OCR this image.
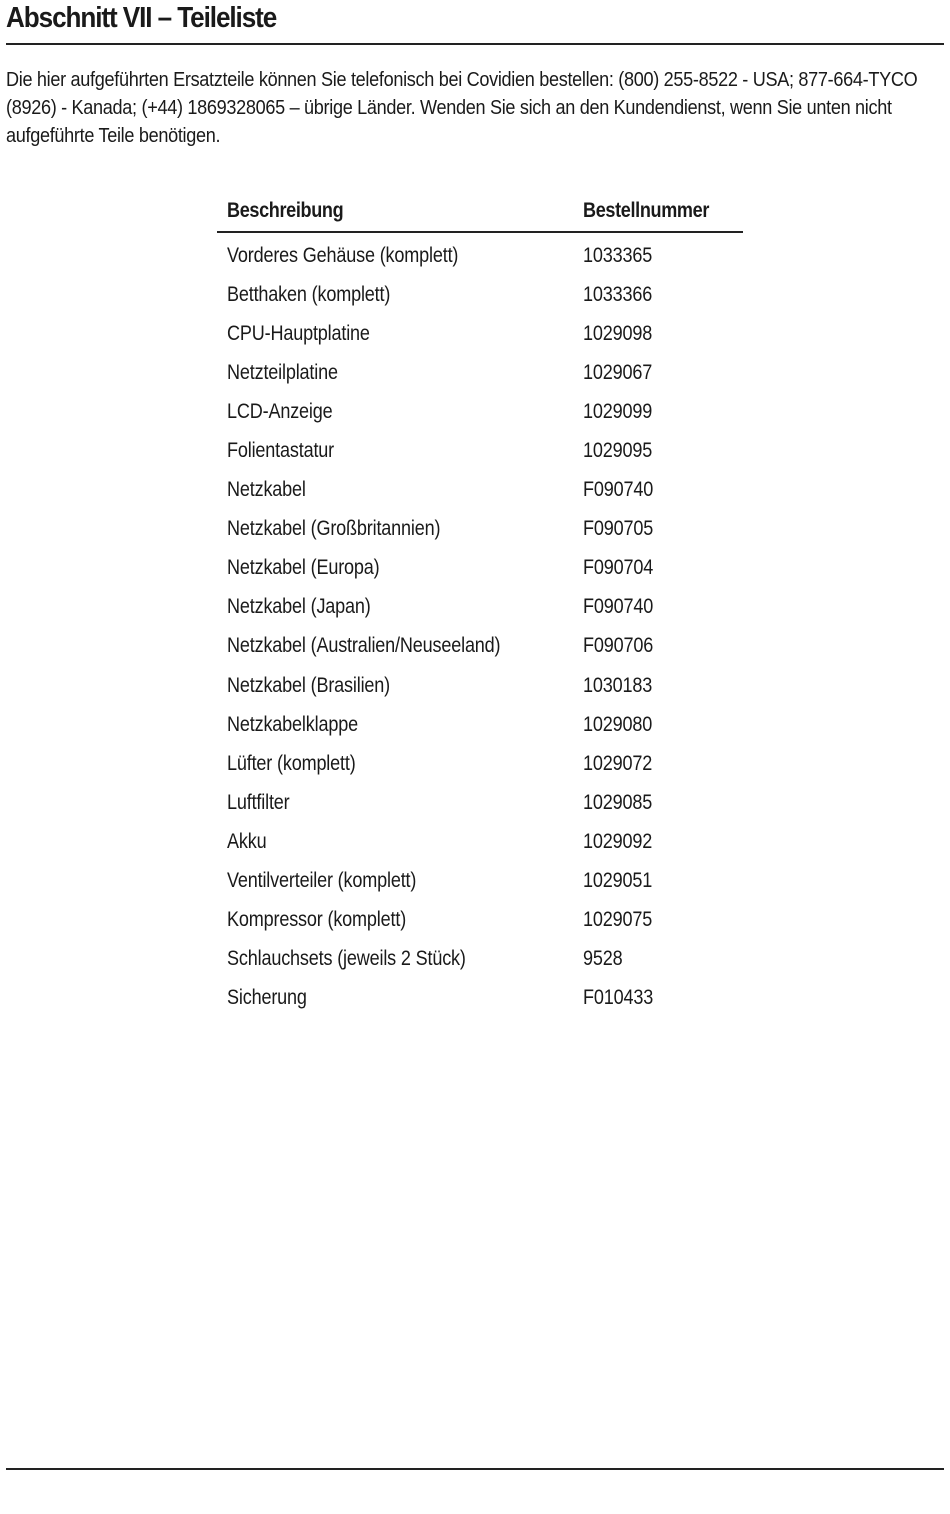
Abschnitt VII – Teileliste

Die hier aufgeführten Ersatzteile können Sie telefonisch bei Covidien bestellen: (800) 255-8522 - USA; 877-664-TYCO (8926) - Kanada; (+44) 1869328065 – übrige Länder. Wenden Sie sich an den Kundendienst, wenn Sie unten nicht aufgeführte Teile benötigen.

Beschreibung	Bestellnummer
Vorderes Gehäuse (komplett)	1033365
Betthaken (komplett)	1033366
CPU-Hauptplatine	1029098
Netzteilplatine	1029067
LCD-Anzeige	1029099
Folientastatur	1029095
Netzkabel	F090740
Netzkabel (Großbritannien)	F090705
Netzkabel (Europa)	F090704
Netzkabel (Japan)	F090740
Netzkabel (Australien/Neuseeland)	F090706
Netzkabel (Brasilien)	1030183
Netzkabelklappe	1029080
Lüfter (komplett)	1029072
Luftfilter	1029085
Akku	1029092
Ventilverteiler (komplett)	1029051
Kompressor (komplett)	1029075
Schlauchsets (jeweils 2 Stück)	9528
Sicherung	F010433
